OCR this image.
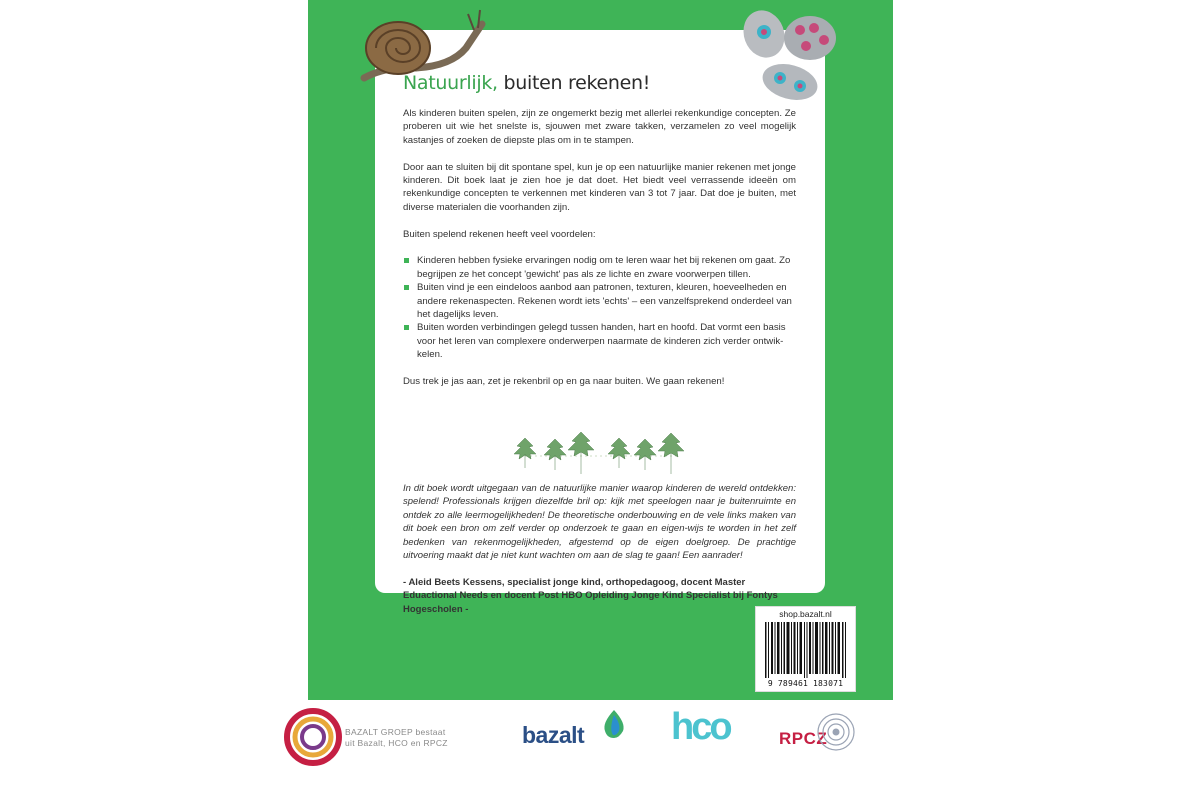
Natuurlijk, buiten rekenen!

Als kinderen buiten spelen, zijn ze ongemerkt bezig met allerlei rekenkundige concepten. Ze proberen uit wie het snelste is, sjouwen met zware takken, verzamelen zo veel mogelijk kastanjes of zoeken de diepste plas om in te stampen.

Door aan te sluiten bij dit spontane spel, kun je op een natuurlijke manier rekenen met jonge kinderen. Dit boek laat je zien hoe je dat doet. Het biedt veel verrassende ideeën om rekenkundige concepten te verkennen met kinderen van 3 tot 7 jaar. Dat doe je buiten, met diverse materialen die voorhanden zijn.

Buiten spelend rekenen heeft veel voordelen:

Kinderen hebben fysieke ervaringen nodig om te leren waar het bij rekenen om gaat. Zo begrijpen ze het concept 'gewicht' pas als ze lichte en zware voorwerpen tillen.
Buiten vind je een eindeloos aanbod aan patronen, texturen, kleuren, hoeveelheden en andere rekenaspecten. Rekenen wordt iets 'echts' – een vanzelfsprekend onderdeel van het dagelijks leven.
Buiten worden verbindingen gelegd tussen handen, hart en hoofd. Dat vormt een basis voor het leren van complexere onderwerpen naarmate de kinderen zich verder ontwik-kelen.

Dus trek je jas aan, zet je rekenbril op en ga naar buiten. We gaan rekenen!

In dit boek wordt uitgegaan van de natuurlijke manier waarop kinderen de wereld ontdekken: spelend! Professionals krijgen diezelfde bril op: kijk met speelogen naar je buitenruimte en ontdek zo alle leermogelijkheden! De theoretische onderbouwing en de vele links maken van dit boek een bron om zelf verder op onderzoek te gaan en eigen-wijs te worden in het zelf bedenken van rekenmogelijkheden, afgestemd op de eigen doelgroep. De prachtige uitvoering maakt dat je niet kunt wachten om aan de slag te gaan! Een aanrader!

- Aleid Beets Kessens, specialist jonge kind, orthopedagoog, docent Master Eduactional Needs en docent Post HBO Opleiding Jonge Kind Specialist bij Fontys Hogescholen -	shop.bazalt.nl
9 789461 183071
BAZALT GROEP bestaat
uit Bazalt, HCO en RPCZ	bazalt hco	RPCZ
